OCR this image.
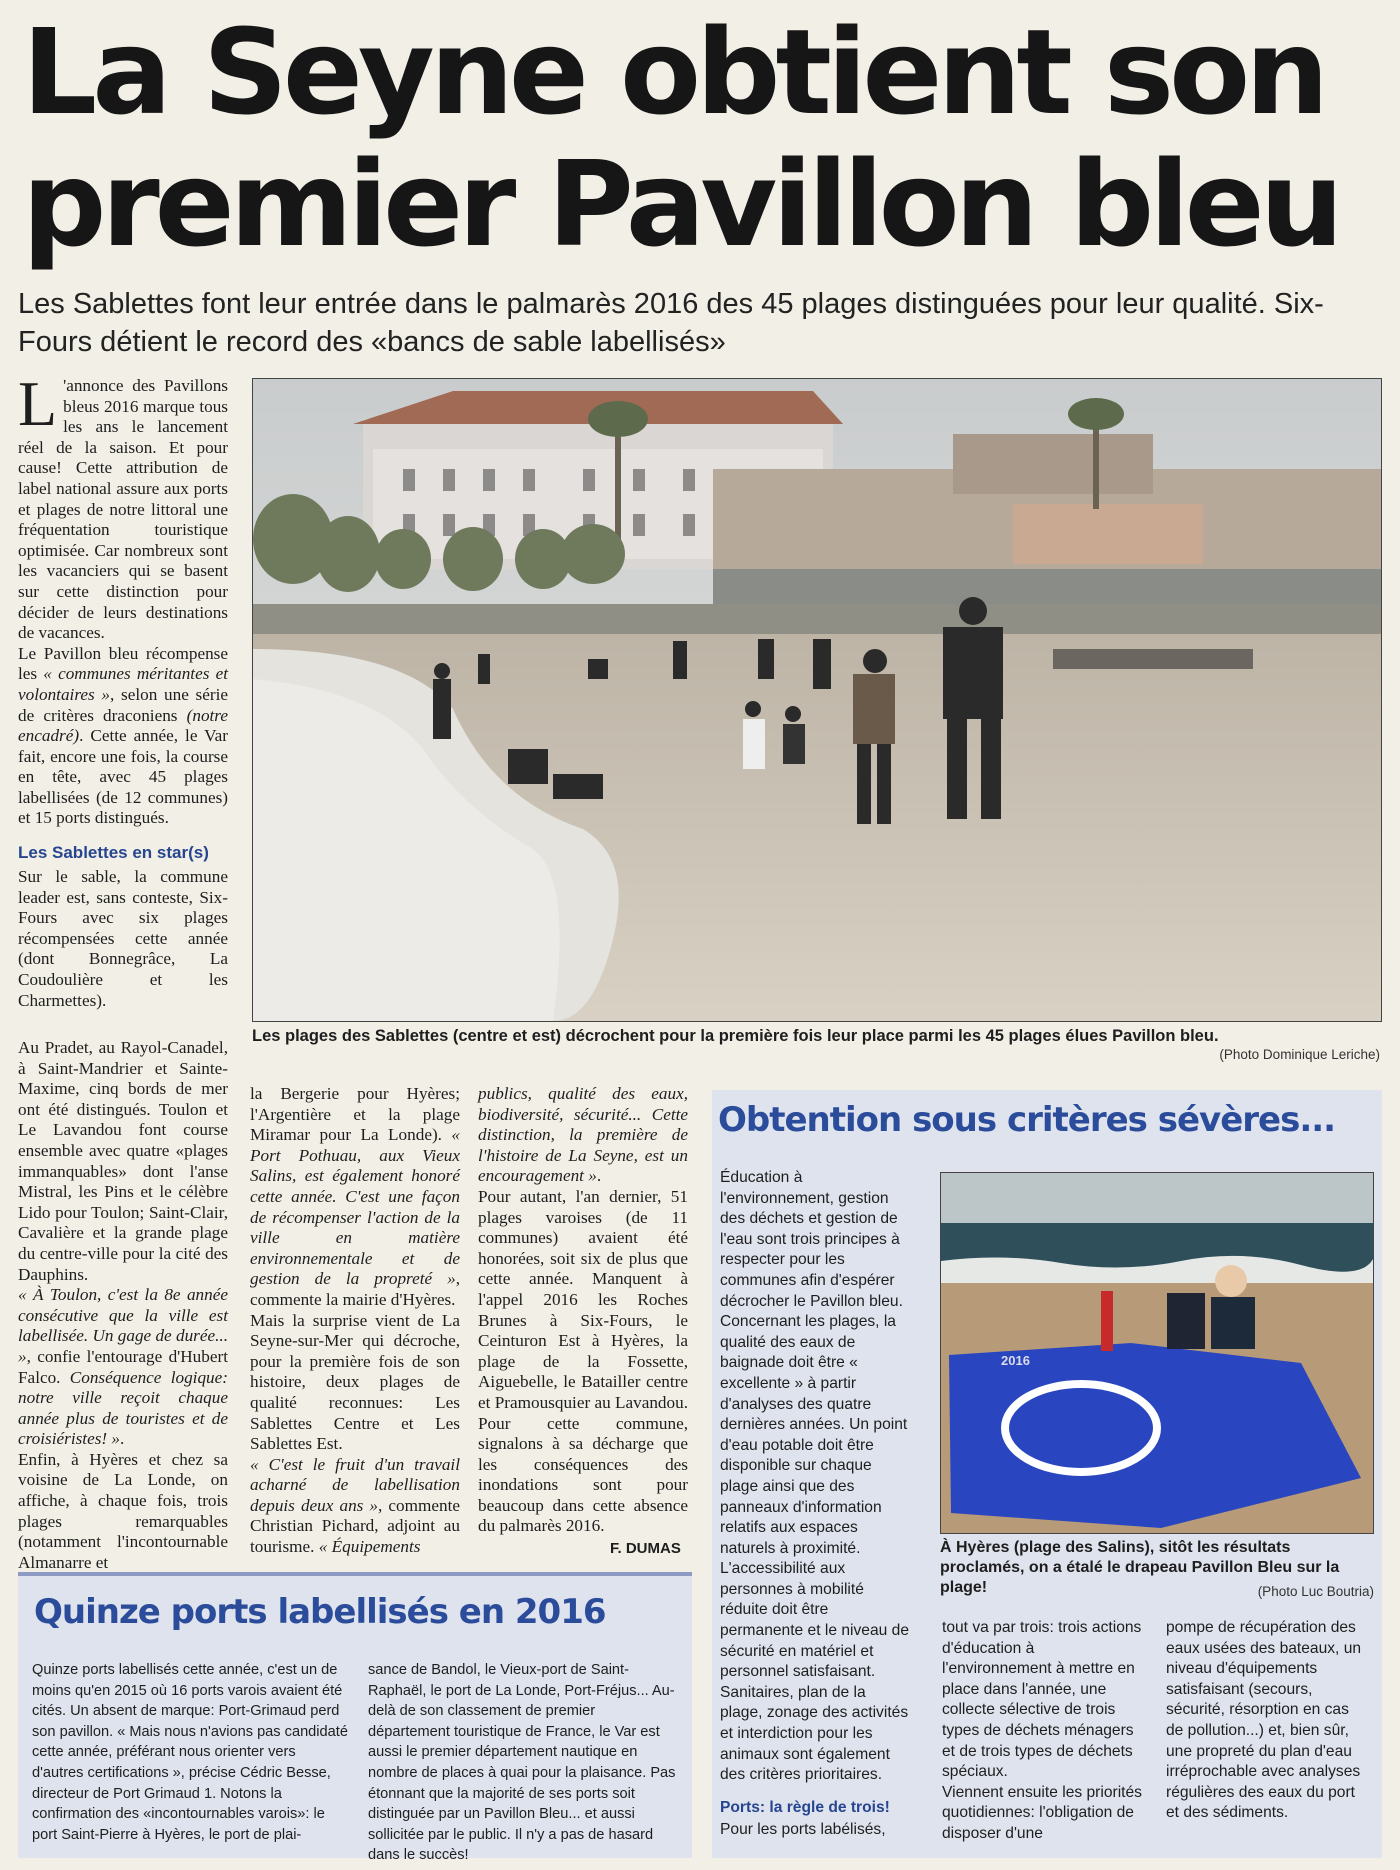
La Seyne obtient son premier Pavillon bleu
Les Sablettes font leur entrée dans le palmarès 2016 des 45 plages distinguées pour leur qualité. Six-Fours détient le record des «bancs de sable labellisés»

L 'annonce des Pavillons bleus 2016 marque tous les ans le lancement réel de la saison. Et pour cause! Cette attribution de label national assure aux ports et plages de notre littoral une fréquentation touristique optimisée. Car nombreux sont les vacanciers qui se basent sur cette distinction pour décider de leurs destinations de vacances.

Le Pavillon bleu récompense les « communes méritantes et volontaires », selon une série de critères draconiens (notre encadré). Cette année, le Var fait, encore une fois, la course en tête, avec 45 plages labellisées (de 12 communes) et 15 ports distingués.

Les Sablettes en star(s)

Sur le sable, la commune leader est, sans conteste, Six-Fours avec six plages récompensées cette année (dont Bonnegrâce, La Coudoulière et les Charmettes).

Au Pradet, au Rayol-Canadel, à Saint-Mandrier et Sainte-Maxime, cinq bords de mer ont été distingués. Toulon et Le Lavandou font course ensemble avec quatre «plages immanquables» dont l'anse Mistral, les Pins et le célèbre Lido pour Toulon; Saint-Clair, Cavalière et la grande plage du centre-ville pour la cité des Dauphins.

« À Toulon, c'est la 8e année consécutive que la ville est labellisée. Un gage de durée... », confie l'entourage d'Hubert Falco. Conséquence logique: notre ville reçoit chaque année plus de touristes et de croisiéristes! ».

Enfin, à Hyères et chez sa voisine de La Londe, on affiche, à chaque fois, trois plages remarquables (notamment l'incontournable Almanarre et

Les plages des Sablettes (centre et est) décrochent pour la première fois leur place parmi les 45 plages élues Pavillon bleu.
(Photo Dominique Leriche)

la Bergerie pour Hyères; l'Argentière et la plage Miramar pour La Londe). « Port Pothuau, aux Vieux Salins, est également honoré cette année. C'est une façon de récompenser l'action de la ville en matière environnementale et de gestion de la propreté », commente la mairie d'Hyères.

Mais la surprise vient de La Seyne-sur-Mer qui décroche, pour la première fois de son histoire, deux plages de qualité reconnues: Les Sablettes Centre et Les Sablettes Est.

« C'est le fruit d'un travail acharné de labellisation depuis deux ans », commente Christian Pichard, adjoint au tourisme. « Équipements

publics, qualité des eaux, biodiversité, sécurité... Cette distinction, la première de l'histoire de La Seyne, est un encouragement ».

Pour autant, l'an dernier, 51 plages varoises (de 11 communes) avaient été honorées, soit six de plus que cette année. Manquent à l'appel 2016 les Roches Brunes à Six-Fours, le Ceinturon Est à Hyères, la plage de la Fossette, Aiguebelle, le Batailler centre et Pramousquier au Lavandou. Pour cette commune, signalons à sa décharge que les conséquences des inondations sont pour beaucoup dans cette absence du palmarès 2016.

F. DUMAS
Obtention sous critères sévères...
Éducation à l'environnement, gestion des déchets et gestion de l'eau sont trois principes à respecter pour les communes afin d'espérer décrocher le Pavillon bleu.
Concernant les plages, la qualité des eaux de baignade doit être « excellente » à partir d'analyses des quatre dernières années. Un point d'eau potable doit être disponible sur chaque plage ainsi que des panneaux d'information relatifs aux espaces naturels à proximité. L'accessibilité aux personnes à mobilité réduite doit être permanente et le niveau de sécurité en matériel et personnel satisfaisant. Sanitaires, plan de la plage, zonage des activités et interdiction pour les animaux sont également des critères prioritaires.
Ports: la règle de trois!
Pour les ports labélisés,
2016
À Hyères (plage des Salins), sitôt les résultats proclamés, on a étalé le drapeau Pavillon Bleu sur la plage!	(Photo Luc Boutria)
tout va par trois: trois actions d'éducation à l'environnement à mettre en place dans l'année, une collecte sélective de trois types de déchets ménagers et de trois types de déchets spéciaux.
Viennent ensuite les priorités quotidiennes: l'obligation de disposer d'une
pompe de récupération des eaux usées des bateaux, un niveau d'équipements satisfaisant (secours, sécurité, résorption en cas de pollution...) et, bien sûr, une propreté du plan d'eau irréprochable avec analyses régulières des eaux du port et des sédiments.
Quinze ports labellisés en 2016
Quinze ports labellisés cette année, c'est un de moins qu'en 2015 où 16 ports varois avaient été cités. Un absent de marque: Port-Grimaud perd son pavillon. « Mais nous n'avions pas candidaté cette année, préférant nous orienter vers d'autres certifications », précise Cédric Besse, directeur de Port Grimaud 1. Notons la confirmation des «incontournables varois»: le port Saint-Pierre à Hyères, le port de plai-
sance de Bandol, le Vieux-port de Saint-Raphaël, le port de La Londe, Port-Fréjus... Au-delà de son classement de premier département touristique de France, le Var est aussi le premier département nautique en nombre de places à quai pour la plaisance. Pas étonnant que la majorité de ses ports soit distinguée par un Pavillon Bleu... et aussi sollicitée par le public. Il n'y a pas de hasard dans le succès!
